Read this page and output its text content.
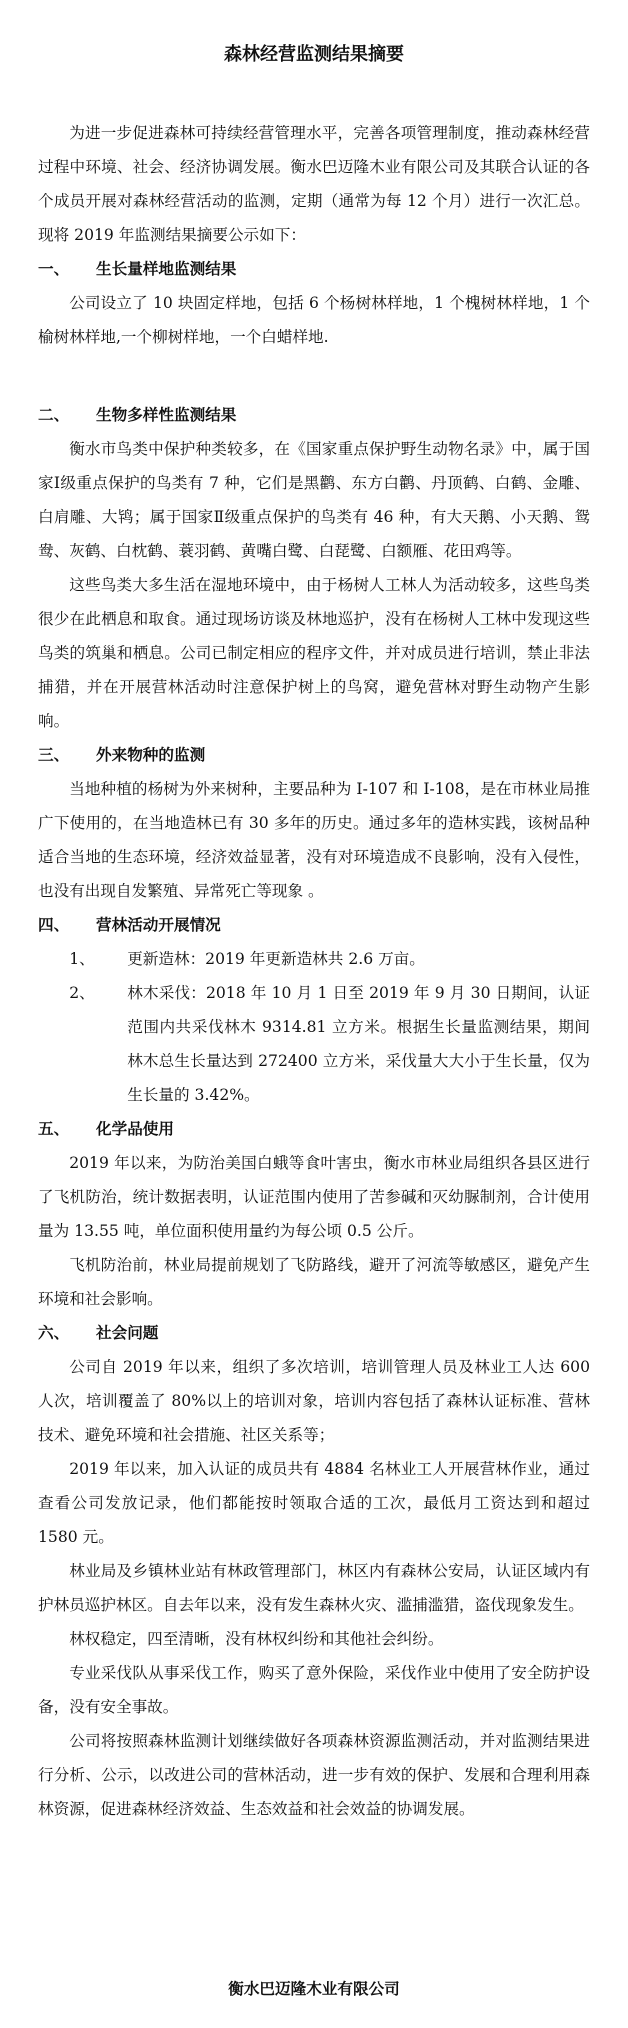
森林经营监测结果摘要

为进一步促进森林可持续经营管理水平，完善各项管理制度，推动森林经营过程中环境、社会、经济协调发展。衡水巴迈隆木业有限公司及其联合认证的各个成员开展对森林经营活动的监测，定期（通常为每 12 个月）进行一次汇总。现将 2019 年监测结果摘要公示如下：

一、 生长量样地监测结果

公司设立了 10 块固定样地，包括 6 个杨树林样地，1 个槐树林样地，1 个榆树林样地,一个柳树样地，一个白蜡样地.

二、 生物多样性监测结果

衡水市鸟类中保护种类较多，在《国家重点保护野生动物名录》中，属于国家Ⅰ级重点保护的鸟类有 7 种，它们是黑鹳、东方白鹳、丹顶鹤、白鹤、金雕、白肩雕、大鸨；属于国家Ⅱ级重点保护的鸟类有 46 种，有大天鹅、小天鹅、鸳鸯、灰鹤、白枕鹤、蓑羽鹤、黄嘴白鹭、白琵鹭、白额雁、花田鸡等。

这些鸟类大多生活在湿地环境中，由于杨树人工林人为活动较多，这些鸟类很少在此栖息和取食。通过现场访谈及林地巡护，没有在杨树人工林中发现这些鸟类的筑巢和栖息。公司已制定相应的程序文件，并对成员进行培训，禁止非法捕猎，并在开展营林活动时注意保护树上的鸟窝，避免营林对野生动物产生影响。

三、 外来物种的监测

当地种植的杨树为外来树种，主要品种为 I-107 和 I-108，是在市林业局推广下使用的，在当地造林已有 30 多年的历史。通过多年的造林实践，该树品种适合当地的生态环境，经济效益显著，没有对环境造成不良影响，没有入侵性，也没有出现自发繁殖、异常死亡等现象 。

四、 营林活动开展情况
1、	更新造林：2019 年更新造林共 2.6 万亩。
2、	林木采伐：2018 年 10 月 1 日至 2019 年 9 月 30 日期间，认证范围内共采伐林木 9314.81 立方米。根据生长量监测结果，期间林木总生长量达到 272400 立方米，采伐量大大小于生长量，仅为生长量的 3.42%。
五、 化学品使用

2019 年以来，为防治美国白蛾等食叶害虫，衡水市林业局组织各县区进行了飞机防治，统计数据表明，认证范围内使用了苦参碱和灭幼脲制剂，合计使用量为 13.55 吨，单位面积使用量约为每公顷 0.5 公斤。

飞机防治前，林业局提前规划了飞防路线，避开了河流等敏感区，避免产生环境和社会影响。

六、 社会问题

公司自 2019 年以来，组织了多次培训，培训管理人员及林业工人达 600 人次，培训覆盖了 80%以上的培训对象，培训内容包括了森林认证标准、营林技术、避免环境和社会措施、社区关系等；

2019 年以来，加入认证的成员共有 4884 名林业工人开展营林作业，通过查看公司发放记录，他们都能按时领取合适的工次，最低月工资达到和超过 1580 元。

林业局及乡镇林业站有林政管理部门，林区内有森林公安局，认证区域内有护林员巡护林区。自去年以来，没有发生森林火灾、滥捕滥猎，盗伐现象发生。

林权稳定，四至清晰，没有林权纠纷和其他社会纠纷。

专业采伐队从事采伐工作，购买了意外保险，采伐作业中使用了安全防护设备，没有安全事故。

公司将按照森林监测计划继续做好各项森林资源监测活动，并对监测结果进行分析、公示，以改进公司的营林活动，进一步有效的保护、发展和合理利用森林资源，促进森林经济效益、生态效益和社会效益的协调发展。

衡水巴迈隆木业有限公司
